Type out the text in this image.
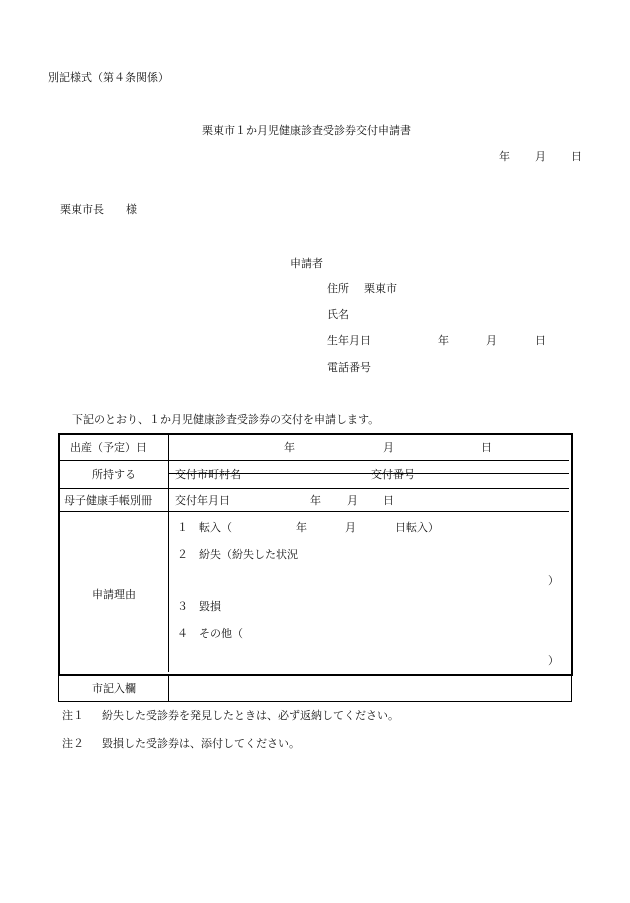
別記様式（第４条関係）
栗東市１か月児健康診査受診券交付申請書
年 月 日
栗東市長　　様
申請者
住所 栗東市
氏名
生年月日	年	月	日
電話番号
下記のとおり、１か月児健康診査受診券の交付を申請します。
出産（予定）日	年	月	日
所持する	交付市町村名	交付番号
母子健康手帳別冊 交付年月日	年 月 日
申請理由
１ 転入（	年	月	日転入）
２ 紛失（紛失した状況
）
３ 毀損
４ その他（
）
市記入欄
注１ 紛失した受診券を発見したときは、必ず返納してください。
注２ 毀損した受診券は、添付してください。
